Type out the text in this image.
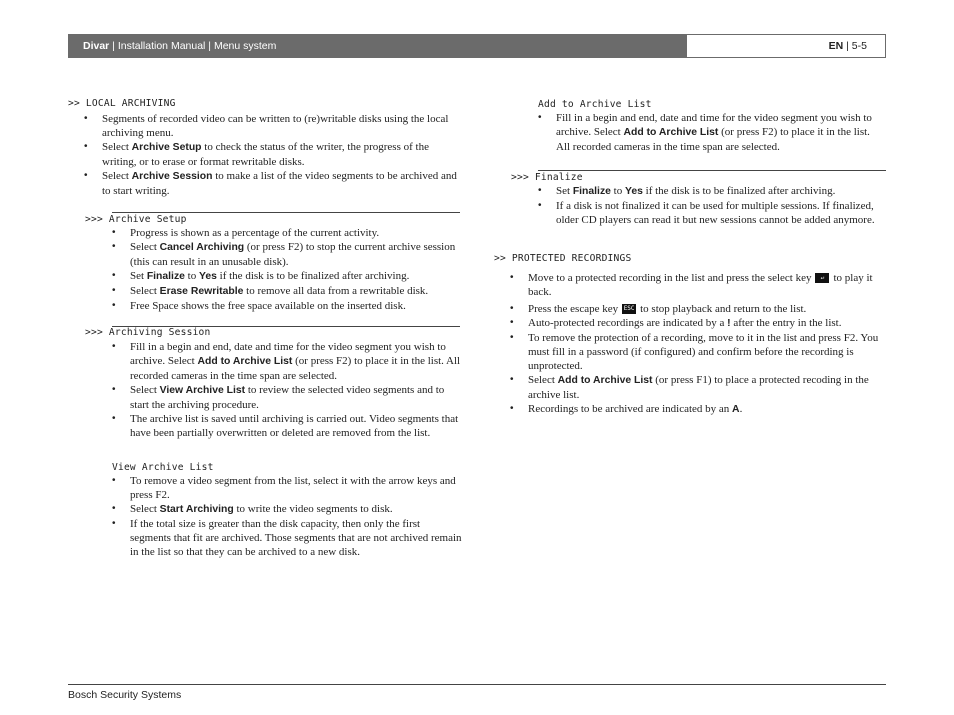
Divar | Installation Manual | Menu system	EN | 5-5
>> LOCAL ARCHIVING
• Segments of recorded video can be written to (re)writable disks using the local archiving menu.
• Select Archive Setup to check the status of the writer, the progress of the writing, or to erase or format rewritable disks.
• Select Archive Session to make a list of the video segments to be archived and to start writing.
>>> Archive Setup
• Progress is shown as a percentage of the current activity.
• Select Cancel Archiving (or press F2) to stop the current archive session (this can result in an unusable disk).
• Set Finalize to Yes if the disk is to be finalized after archiving.
• Select Erase Rewritable to remove all data from a rewritable disk.
• Free Space shows the free space available on the inserted disk.
>>> Archiving Session
• Fill in a begin and end, date and time for the video segment you wish to archive. Select Add to Archive List (or press F2) to place it in the list. All recorded cameras in the time span are selected.
• Select View Archive List to review the selected video segments and to start the archiving procedure.
• The archive list is saved until archiving is carried out. Video segments that have been partially overwritten or deleted are removed from the list.
View Archive List
• To remove a video segment from the list, select it with the arrow keys and press F2.
• Select Start Archiving to write the video segments to disk.
• If the total size is greater than the disk capacity, then only the first segments that fit are archived. Those segments that are not archived remain in the list so that they can be archived to a new disk.
Add to Archive List
• Fill in a begin and end, date and time for the video segment you wish to archive. Select Add to Archive List (or press F2) to place it in the list. All recorded cameras in the time span are selected.
>>> Finalize
• Set Finalize to Yes if the disk is to be finalized after archiving.
• If a disk is not finalized it can be used for multiple sessions. If finalized, older CD players can read it but new sessions cannot be added anymore.
>> PROTECTED RECORDINGS
• Move to a protected recording in the list and press the select key ↵ to play it back.
• Press the escape key ESC to stop playback and return to the list.
• Auto-protected recordings are indicated by a ! after the entry in the list.
• To remove the protection of a recording, move to it in the list and press F2. You must fill in a password (if configured) and confirm before the recording is unprotected.
• Select Add to Archive List (or press F1) to place a protected recoding in the archive list.
• Recordings to be archived are indicated by an A.
Bosch Security Systems
